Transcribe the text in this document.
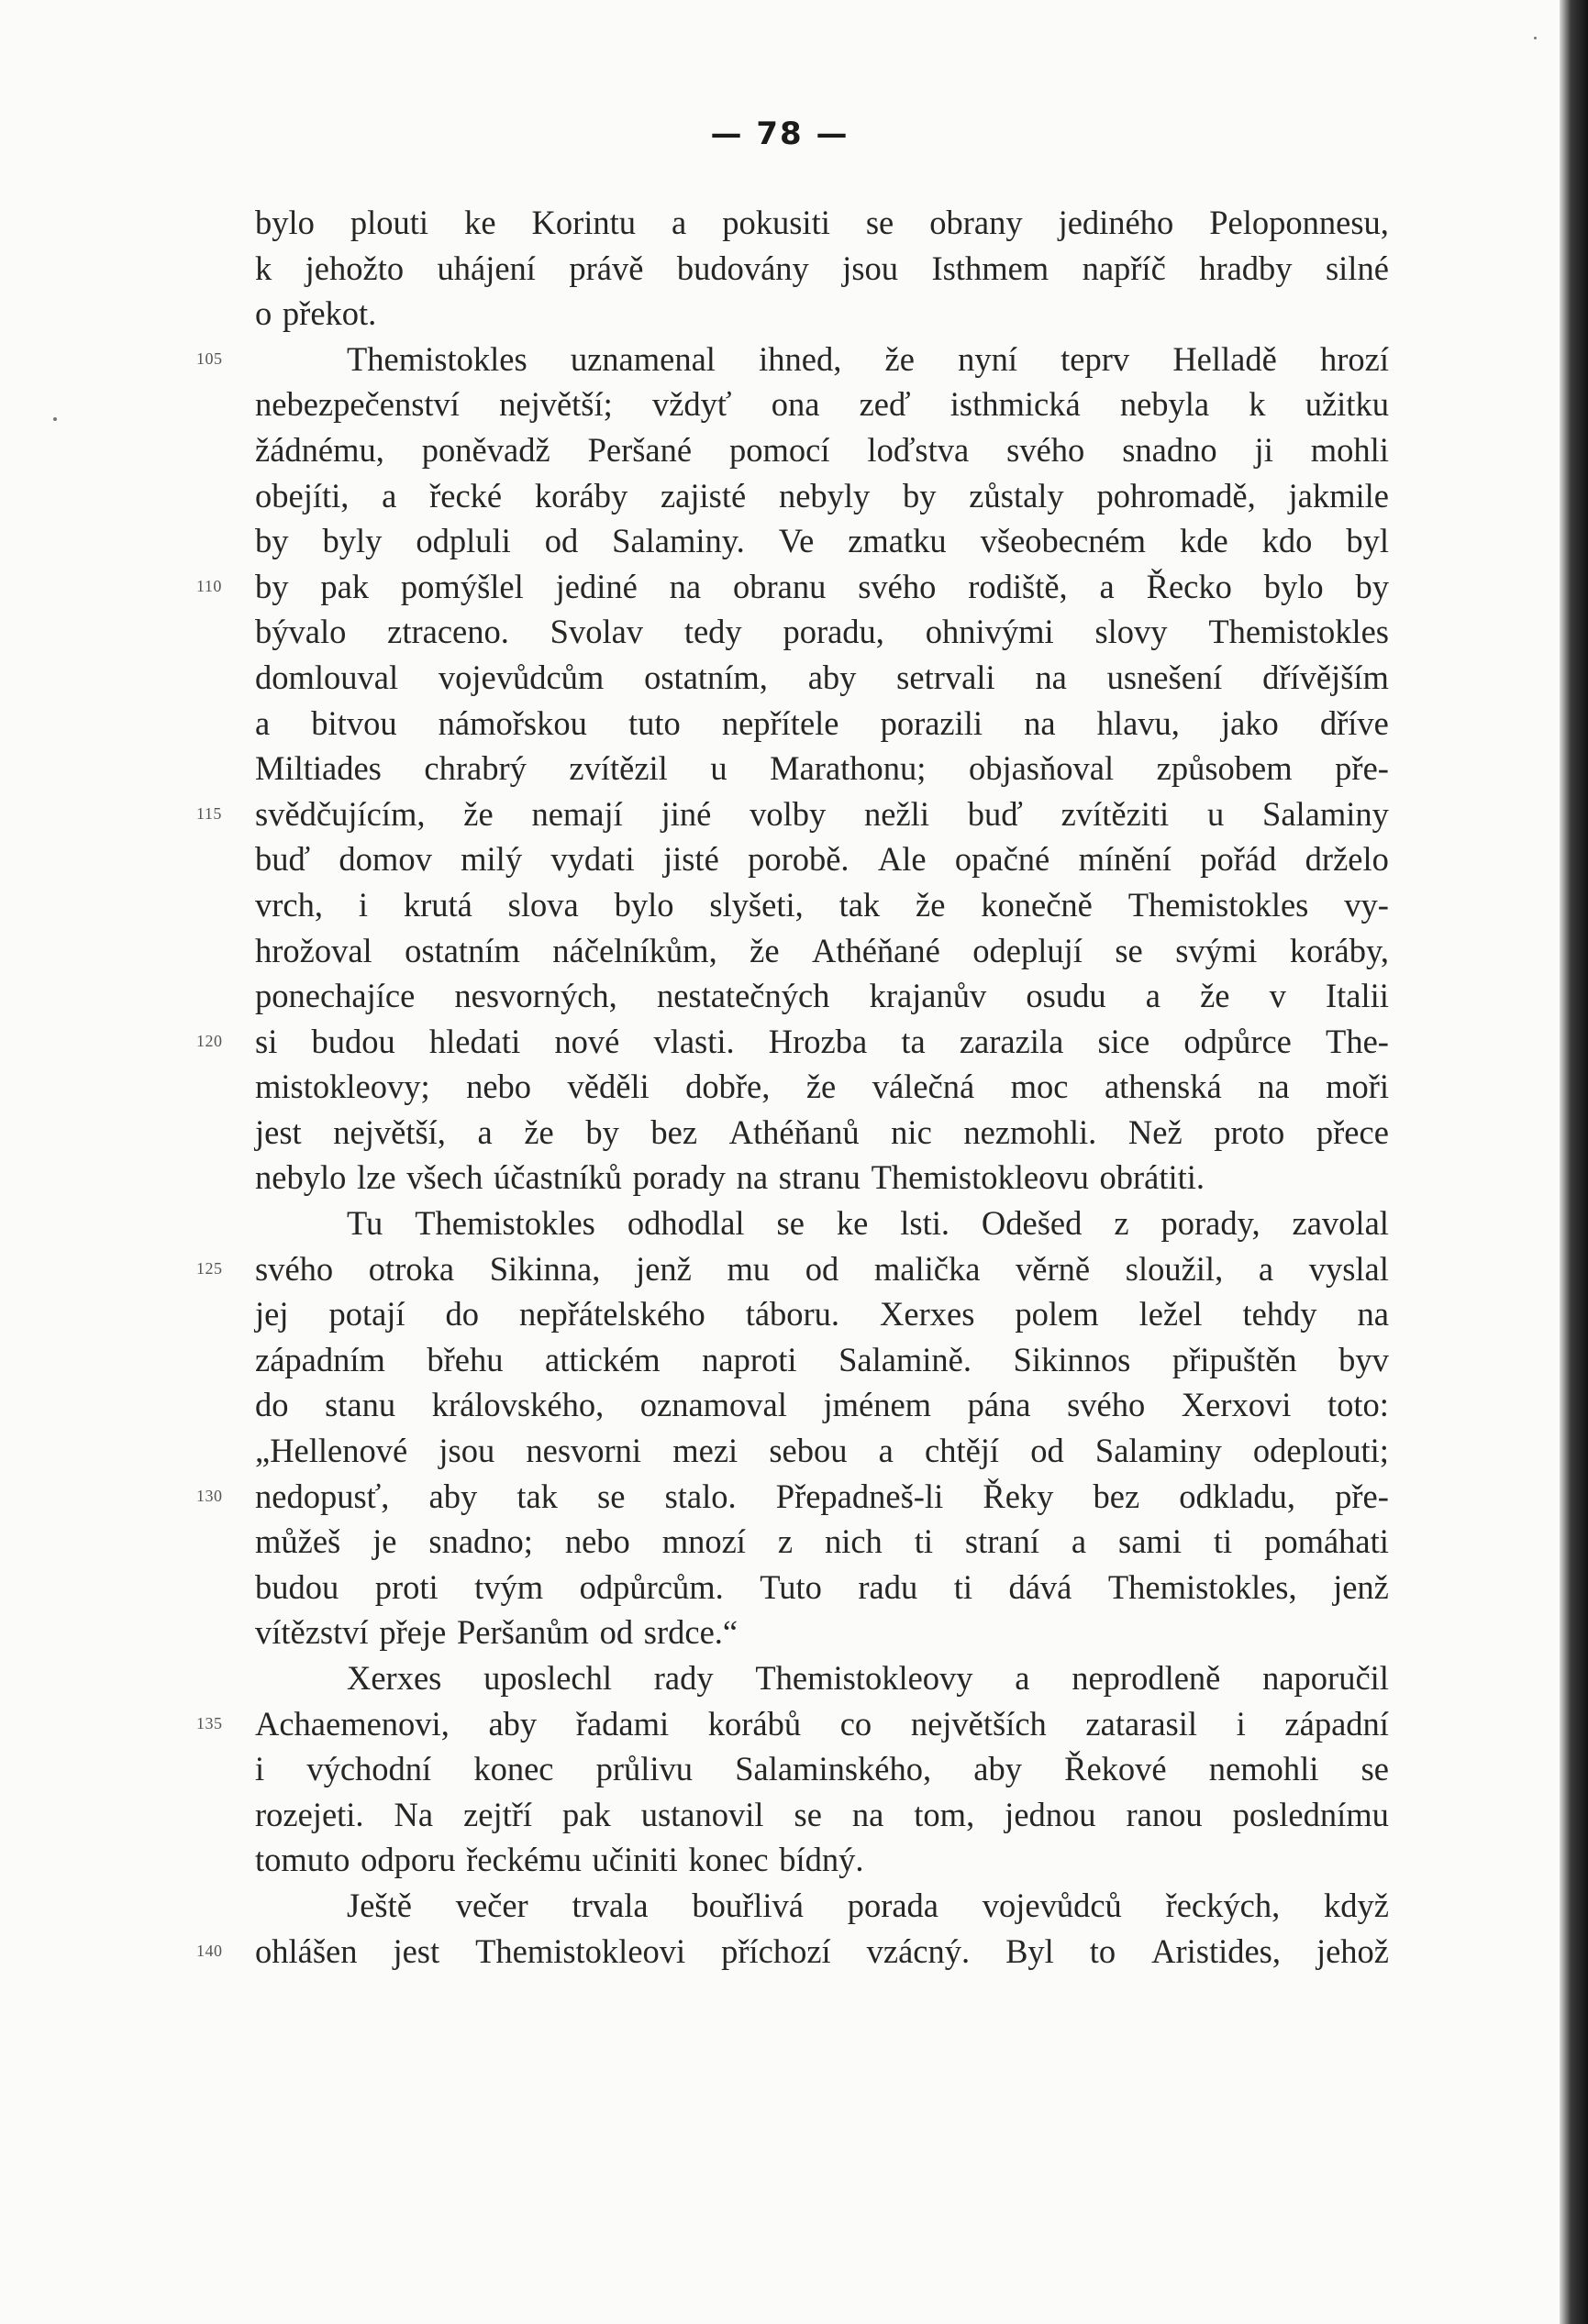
— 78 —
bylo plouti ke Korintu a pokusiti se obrany jediného Peloponnesu,
k jehožto uhájení právě budovány jsou Isthmem napříč hradby silné
o překot.
Themistokles uznamenal ihned, že nyní teprv Helladě hrozí
105
nebezpečenství největší; vždyť ona zeď isthmická nebyla k užitku
žádnému, poněvadž Peršané pomocí loďstva svého snadno ji mohli
obejíti, a řecké koráby zajisté nebyly by zůstaly pohromadě, jakmile
by byly odpluli od Salaminy. Ve zmatku všeobecném kde kdo byl
by pak pomýšlel jediné na obranu svého rodiště, a Řecko bylo by
110
bývalo ztraceno. Svolav tedy poradu, ohnivými slovy Themistokles
domlouval vojevůdcům ostatním, aby setrvali na usnešení dřívějším
a bitvou námořskou tuto nepřítele porazili na hlavu, jako dříve
Miltiades chrabrý zvítězil u Marathonu; objasňoval způsobem pře-
svědčujícím, že nemají jiné volby nežli buď zvítěziti u Salaminy
115
buď domov milý vydati jisté porobě. Ale opačné mínění pořád drželo
vrch, i krutá slova bylo slyšeti, tak že konečně Themistokles vy-
hrožoval ostatním náčelníkům, že Athéňané odeplují se svými koráby,
ponechajíce nesvorných, nestatečných krajanův osudu a že v Italii
si budou hledati nové vlasti. Hrozba ta zarazila sice odpůrce The-
120
mistokleovy; nebo věděli dobře, že válečná moc athenská na moři
jest největší, a že by bez Athéňanů nic nezmohli. Než proto přece
nebylo lze všech účastníků porady na stranu Themistokleovu obrátiti.
Tu Themistokles odhodlal se ke lsti. Odešed z porady, zavolal
svého otroka Sikinna, jenž mu od malička věrně sloužil, a vyslal
125
jej potají do nepřátelského táboru. Xerxes polem ležel tehdy na
západním břehu attickém naproti Salamině. Sikinnos připuštěn byv
do stanu královského, oznamoval jménem pána svého Xerxovi toto:
„Hellenové jsou nesvorni mezi sebou a chtějí od Salaminy odeplouti;
nedopusť, aby tak se stalo. Přepadneš-li Řeky bez odkladu, pře-
130
můžeš je snadno; nebo mnozí z nich ti straní a sami ti pomáhati
budou proti tvým odpůrcům. Tuto radu ti dává Themistokles, jenž
vítězství přeje Peršanům od srdce.“
Xerxes uposlechl rady Themistokleovy a neprodleně naporučil
Achaemenovi, aby řadami korábů co největších zatarasil i západní
135
i východní konec průlivu Salaminského, aby Řekové nemohli se
rozejeti. Na zejtří pak ustanovil se na tom, jednou ranou poslednímu
tomuto odporu řeckému učiniti konec bídný.
Ještě večer trvala bouřlivá porada vojevůdců řeckých, když
ohlášen jest Themistokleovi příchozí vzácný. Byl to Aristides, jehož
140
